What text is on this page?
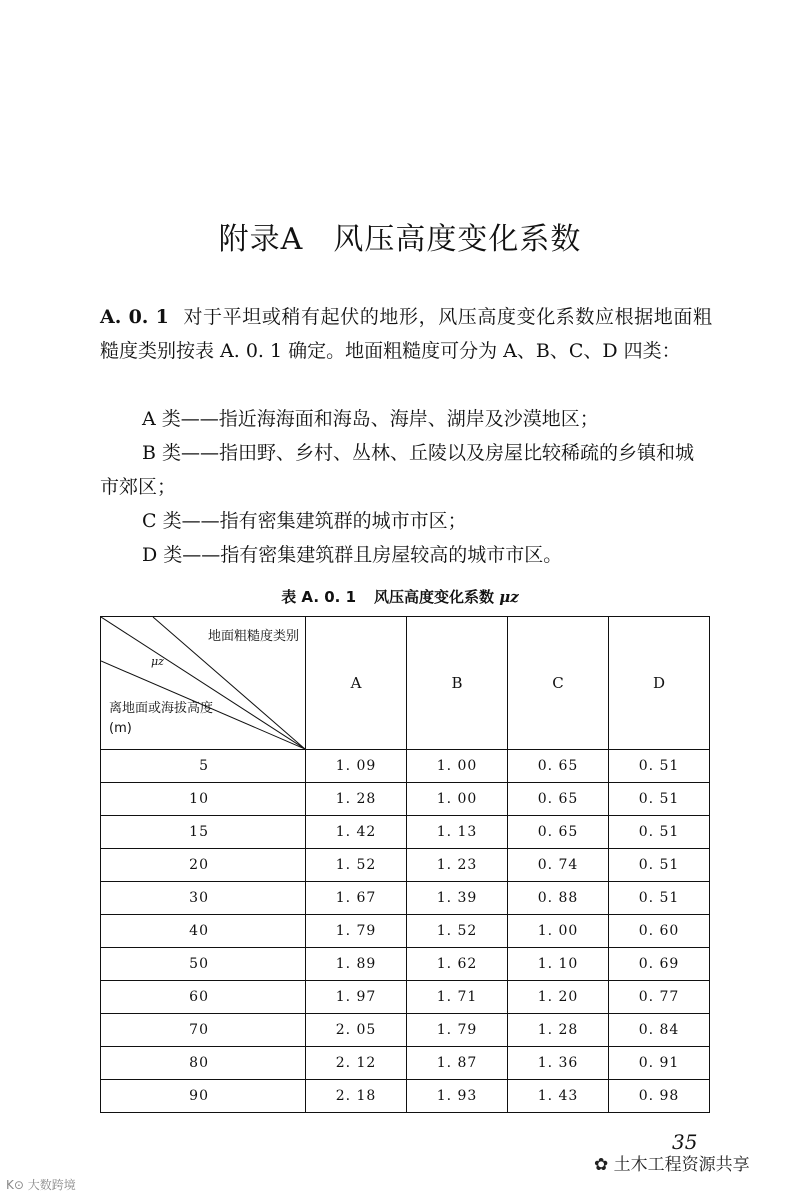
附录A 风压高度变化系数

A. 0. 1 对于平坦或稍有起伏的地形，风压高度变化系数应根据地面粗糙度类别按表 A. 0. 1 确定。地面粗糙度可分为 A、B、C、D 四类：

A 类——指近海海面和海岛、海岸、湖岸及沙漠地区；
B 类——指田野、乡村、丛林、丘陵以及房屋比较稀疏的乡镇和城市郊区；
C 类——指有密集建筑群的城市市区；
D 类——指有密集建筑群且房屋较高的城市市区。
表 A. 0. 1 风压高度变化系数 μz
地面粗糙度类别
μz
离地面或海拔高度(m)	A	B	C	D
5	1. 09	1. 00	0. 65	0. 51
10	1. 28	1. 00	0. 65	0. 51
15	1. 42	1. 13	0. 65	0. 51
20	1. 52	1. 23	0. 74	0. 51
30	1. 67	1. 39	0. 88	0. 51
40	1. 79	1. 52	1. 00	0. 60
50	1. 89	1. 62	1. 10	0. 69
60	1. 97	1. 71	1. 20	0. 77
70	2. 05	1. 79	1. 28	0. 84
80	2. 12	1. 87	1. 36	0. 91
90	2. 18	1. 93	1. 43	0. 98
35
✿ 土木工程资源共享
K⊙ 大数跨境
